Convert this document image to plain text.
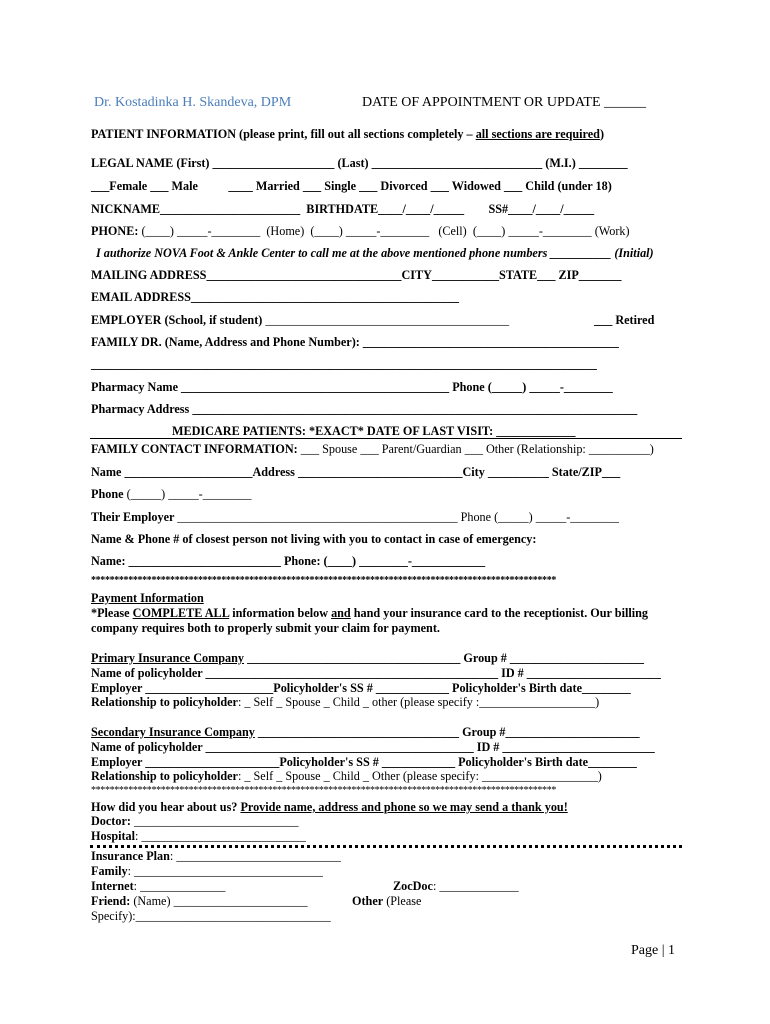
Dr. Kostadinka H. Skandeva, DPM	DATE OF APPOINTMENT OR UPDATE ______
PATIENT INFORMATION (please print, fill out all sections completely – all sections are required)
LEGAL NAME (First) ____________________ (Last) ____________________________ (M.I.) ________
___Female ___ Male          ____ Married ___ Single ___ Divorced ___ Widowed ___ Child (under 18)
NICKNAME_______________________  BIRTHDATE____/____/_____        SS#____/____/_____
PHONE: (____) _____-________  (Home)  (____) _____-________   (Cell)  (____) _____-________ (Work)
I authorize NOVA Foot & Ankle Center to call me at the above mentioned phone numbers __________ (Initial)
MAILING ADDRESS________________________________CITY___________STATE___ ZIP_______
EMAIL ADDRESS____________________________________________
EMPLOYER (School, if student) ________________________________________	___ Retired
FAMILY DR. (Name, Address and Phone Number): __________________________________________
___________________________________________________________________________________
Pharmacy Name ____________________________________________ Phone (_____) _____-________
Pharmacy Address _________________________________________________________________________
MEDICARE PATIENTS: *EXACT* DATE OF LAST VISIT: _____________
FAMILY CONTACT INFORMATION: ___ Spouse ___ Parent/Guardian ___ Other (Relationship: __________)
Name _____________________Address ___________________________City __________ State/ZIP___
Phone (_____) _____-________
Their Employer ______________________________________________ Phone (_____) _____-________
Name & Phone # of closest person not living with you to contact in case of emergency:
Name: _________________________ Phone: (____) ________-____________
****************************************************************************************************
Payment Information
*Please COMPLETE ALL information below and hand your insurance card to the receptionist. Our billing
company requires both to properly submit your claim for payment.
Primary Insurance Company ___________________________________ Group # ______________________
Name of policyholder ________________________________________________ ID # ______________________
Employer _____________________Policyholder's SS # ____________ Policyholder's Birth date________
Relationship to policyholder: _ Self _ Spouse _ Child _ other (please specify :___________________)
Secondary Insurance Company _________________________________ Group #______________________
Name of policyholder ____________________________________________ ID # _________________________
Employer ______________________Policyholder's SS # ____________ Policyholder's Birth date________
Relationship to policyholder: _ Self _ Spouse _ Child _ Other (please specify: ___________________)
****************************************************************************************************
How did you hear about us? Provide name, address and phone so we may send a thank you!
Doctor: ___________________________
Hospital: ___________________________
Insurance Plan: ___________________________
Family: _______________________________
Internet: ______________	ZocDoc: _____________
Friend: (Name) ______________________	Other (Please
Specify):________________________________
Page | 1
